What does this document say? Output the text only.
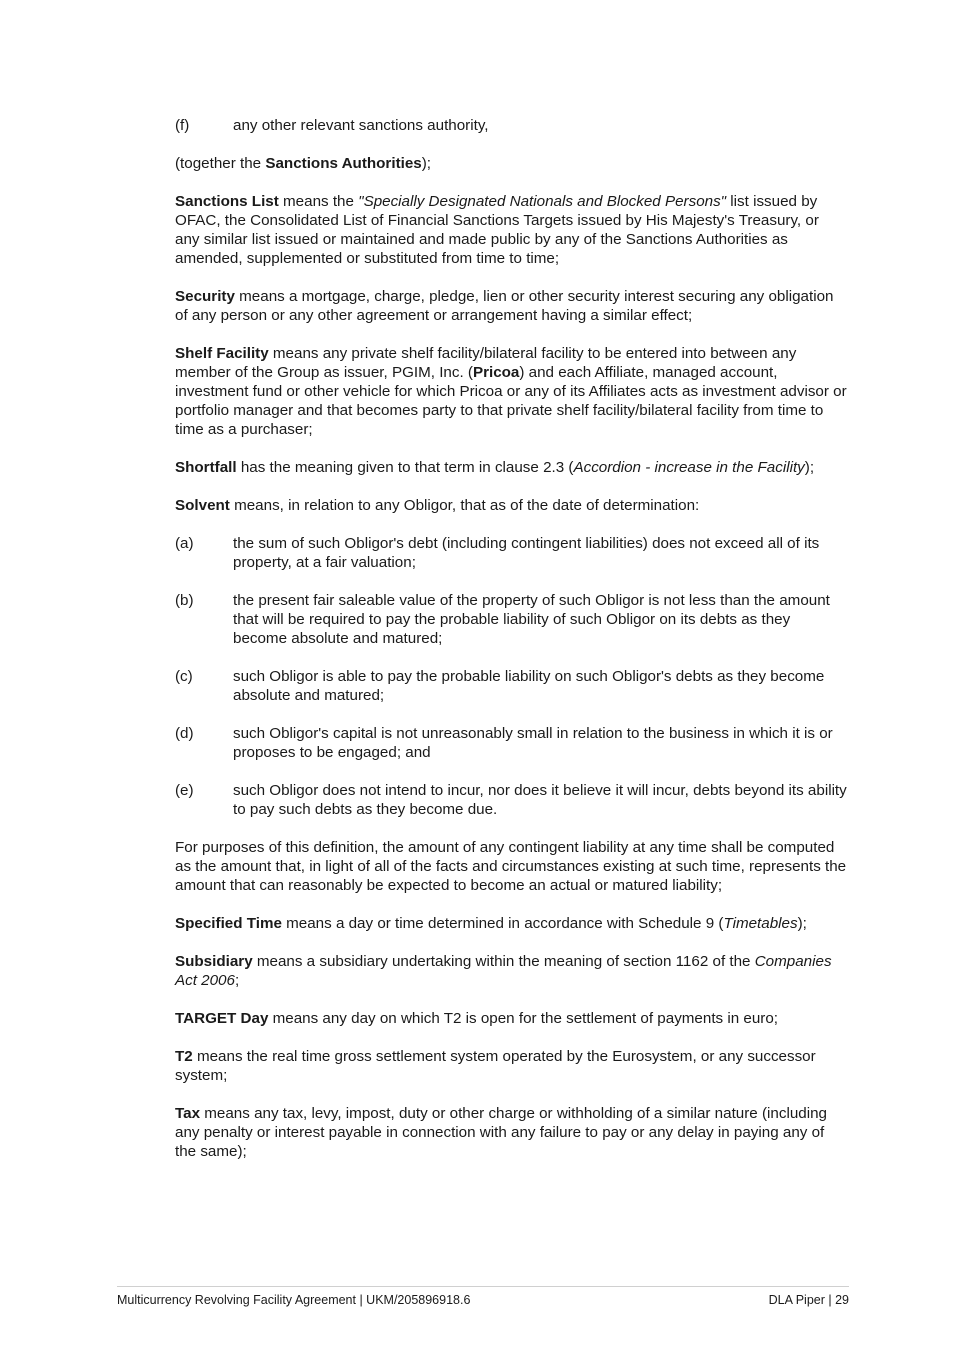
(f)	any other relevant sanctions authority,

(together the Sanctions Authorities);

Sanctions List means the "Specially Designated Nationals and Blocked Persons" list issued by OFAC, the Consolidated List of Financial Sanctions Targets issued by His Majesty's Treasury, or any similar list issued or maintained and made public by any of the Sanctions Authorities as amended, supplemented or substituted from time to time;

Security means a mortgage, charge, pledge, lien or other security interest securing any obligation of any person or any other agreement or arrangement having a similar effect;

Shelf Facility means any private shelf facility/bilateral facility to be entered into between any member of the Group as issuer, PGIM, Inc. (Pricoa) and each Affiliate, managed account, investment fund or other vehicle for which Pricoa or any of its Affiliates acts as investment advisor or portfolio manager and that becomes party to that private shelf facility/bilateral facility from time to time as a purchaser;

Shortfall has the meaning given to that term in clause 2.3 (Accordion - increase in the Facility);

Solvent means, in relation to any Obligor, that as of the date of determination:

(a)	the sum of such Obligor's debt (including contingent liabilities) does not exceed all of its property, at a fair valuation;
(b)	the present fair saleable value of the property of such Obligor is not less than the amount that will be required to pay the probable liability of such Obligor on its debts as they become absolute and matured;
(c)	such Obligor is able to pay the probable liability on such Obligor's debts as they become absolute and matured;
(d)	such Obligor's capital is not unreasonably small in relation to the business in which it is or proposes to be engaged; and
(e)	such Obligor does not intend to incur, nor does it believe it will incur, debts beyond its ability to pay such debts as they become due.

For purposes of this definition, the amount of any contingent liability at any time shall be computed as the amount that, in light of all of the facts and circumstances existing at such time, represents the amount that can reasonably be expected to become an actual or matured liability;

Specified Time means a day or time determined in accordance with Schedule 9 (Timetables);

Subsidiary means a subsidiary undertaking within the meaning of section 1162 of the Companies Act 2006;

TARGET Day means any day on which T2 is open for the settlement of payments in euro;

T2 means the real time gross settlement system operated by the Eurosystem, or any successor system;

Tax means any tax, levy, impost, duty or other charge or withholding of a similar nature (including any penalty or interest payable in connection with any failure to pay or any delay in paying any of the same);

Multicurrency Revolving Facility Agreement | UKM/205896918.6	DLA Piper | 29
